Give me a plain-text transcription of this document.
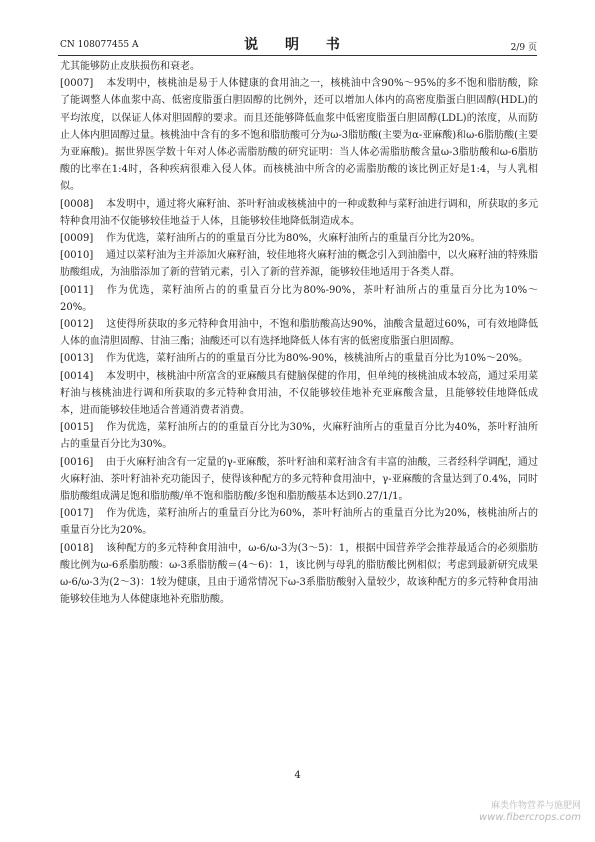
CN 108077455 A	说 明 书	2/9 页

尤其能够防止皮肤损伤和衰老。

[0007] 本发明中，核桃油是易于人体健康的食用油之一，核桃油中含90%～95%的多不饱和脂肪酸，除了能调整人体血浆中高、低密度脂蛋白胆固醇的比例外，还可以增加人体内的高密度脂蛋白胆固醇(HDL)的平均浓度，以保证人体对胆固醇的要求。而且还能够降低血浆中低密度脂蛋白胆固醇(LDL)的浓度，从而防止人体内胆固醇过量。核桃油中含有的多不饱和脂肪酸可分为ω-3脂肪酸(主要为α-亚麻酸)和ω-6脂肪酸(主要为亚麻酸)。据世界医学数十年对人体必需脂肪酸的研究证明：当人体必需脂肪酸含量ω-3脂肪酸和ω-6脂肪酸的比率在1:4时，各种疾病很难入侵人体。而核桃油中所含的必需脂肪酸的该比例正好是1:4，与人乳相似。

[0008] 本发明中，通过将火麻籽油、茶叶籽油或核桃油中的一种或数种与菜籽油进行调和，所获取的多元特种食用油不仅能够较佳地益于人体，且能够较佳地降低制造成本。

[0009] 作为优选，菜籽油所占的的重量百分比为80%，火麻籽油所占的重量百分比为20%。

[0010] 通过以菜籽油为主并添加火麻籽油，较佳地将火麻籽油的概念引入到油脂中，以火麻籽油的特殊脂肪酸组成，为油脂添加了新的营销元素，引入了新的营养源，能够较佳地适用于各类人群。

[0011] 作为优选，菜籽油所占的的重量百分比为80%-90%，茶叶籽油所占的重量百分比为10%～20%。

[0012] 这使得所获取的多元特种食用油中，不饱和脂肪酸高达90%，油酸含量超过60%，可有效地降低人体的血清胆固醇、甘油三酯；油酸还可以有选择地降低人体有害的低密度脂蛋白胆固醇。

[0013] 作为优选，菜籽油所占的的重量百分比为80%-90%，核桃油所占的重量百分比为10%～20%。

[0014] 本发明中，核桃油中所富含的亚麻酸具有健脑保健的作用，但单纯的核桃油成本较高，通过采用菜籽油与核桃油进行调和所获取的多元特种食用油，不仅能够较佳地补充亚麻酸含量，且能够较佳地降低成本，进而能够较佳地适合普通消费者消费。

[0015] 作为优选，菜籽油所占的的重量百分比为30%，火麻籽油所占的重量百分比为40%，茶叶籽油所占的重量百分比为30%。

[0016] 由于火麻籽油含有一定量的γ-亚麻酸，茶叶籽油和菜籽油含有丰富的油酸，三者经科学调配，通过火麻籽油、茶叶籽油补充功能因子，使得该种配方的多元特种食用油中，γ-亚麻酸的含量达到了0.4%，同时脂肪酸组成满足饱和脂肪酸/单不饱和脂肪酸/多饱和脂肪酸基本达到0.27/1/1。

[0017] 作为优选，菜籽油所占的重量百分比为60%，茶叶籽油所占的重量百分比为20%，核桃油所占的重量百分比为20%。

[0018] 该种配方的多元特种食用油中，ω-6/ω-3为(3～5)：1，根据中国营养学会推荐最适合的必须脂肪酸比例为ω-6系脂肪酸：ω-3系脂肪酸＝(4～6)：1，该比例与母乳的脂肪酸比例相似；考虑到最新研究成果ω-6/ω-3为(2～3)：1较为健康，且由于通常情况下ω-3系脂肪酸射入量较少，故该种配方的多元特种食用油能够较佳地为人体健康地补充脂肪酸。

4
麻类作物营养与施肥网
www.fibercrops.com
